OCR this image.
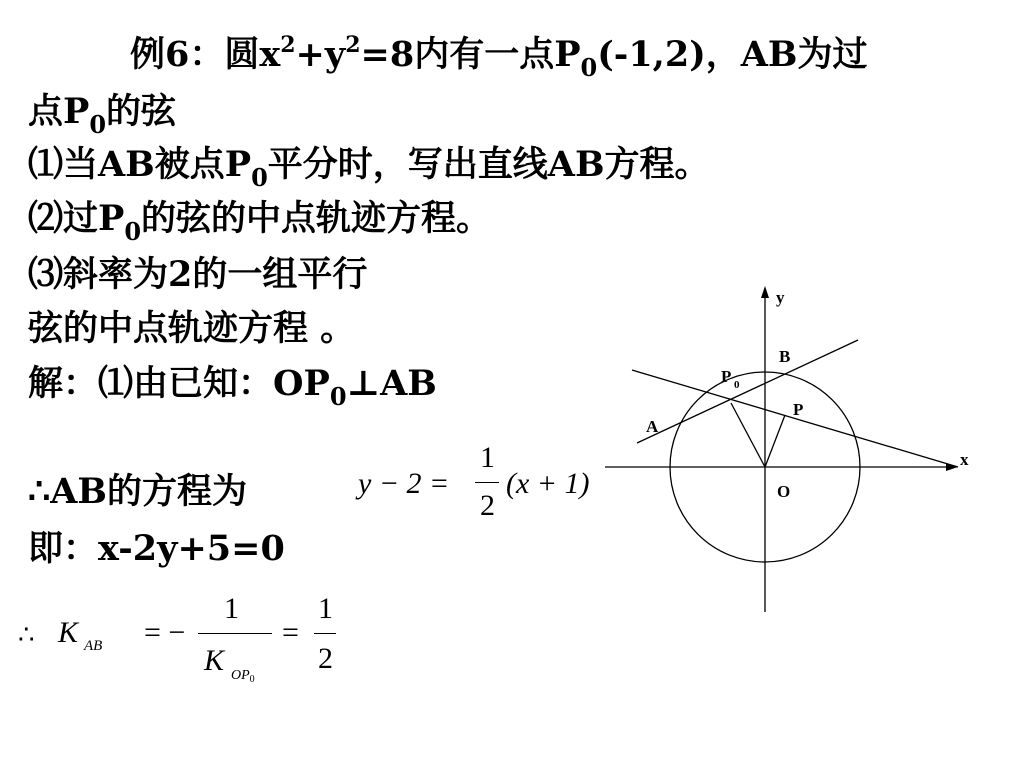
例6：圆$x^2+y^2=8$内有一点$P_0(-1,2)$，AB为过
点$P_0$的弦
⑴当AB被点$P_0$平分时，写出直线AB方程。
⑵过$P_0$的弦的中点轨迹方程。
⑶斜率为2的一组平行
弦的中点轨迹方程 。
解：⑴由已知：$OP_0\perp AB$
∴AB的方程为
即：x-2y+5=0
y − 2 =
1
2
(x + 1)
∴ K AB = −
1
K $OP_0$
=
1
2
y
x
O
B
A
P 0
P
